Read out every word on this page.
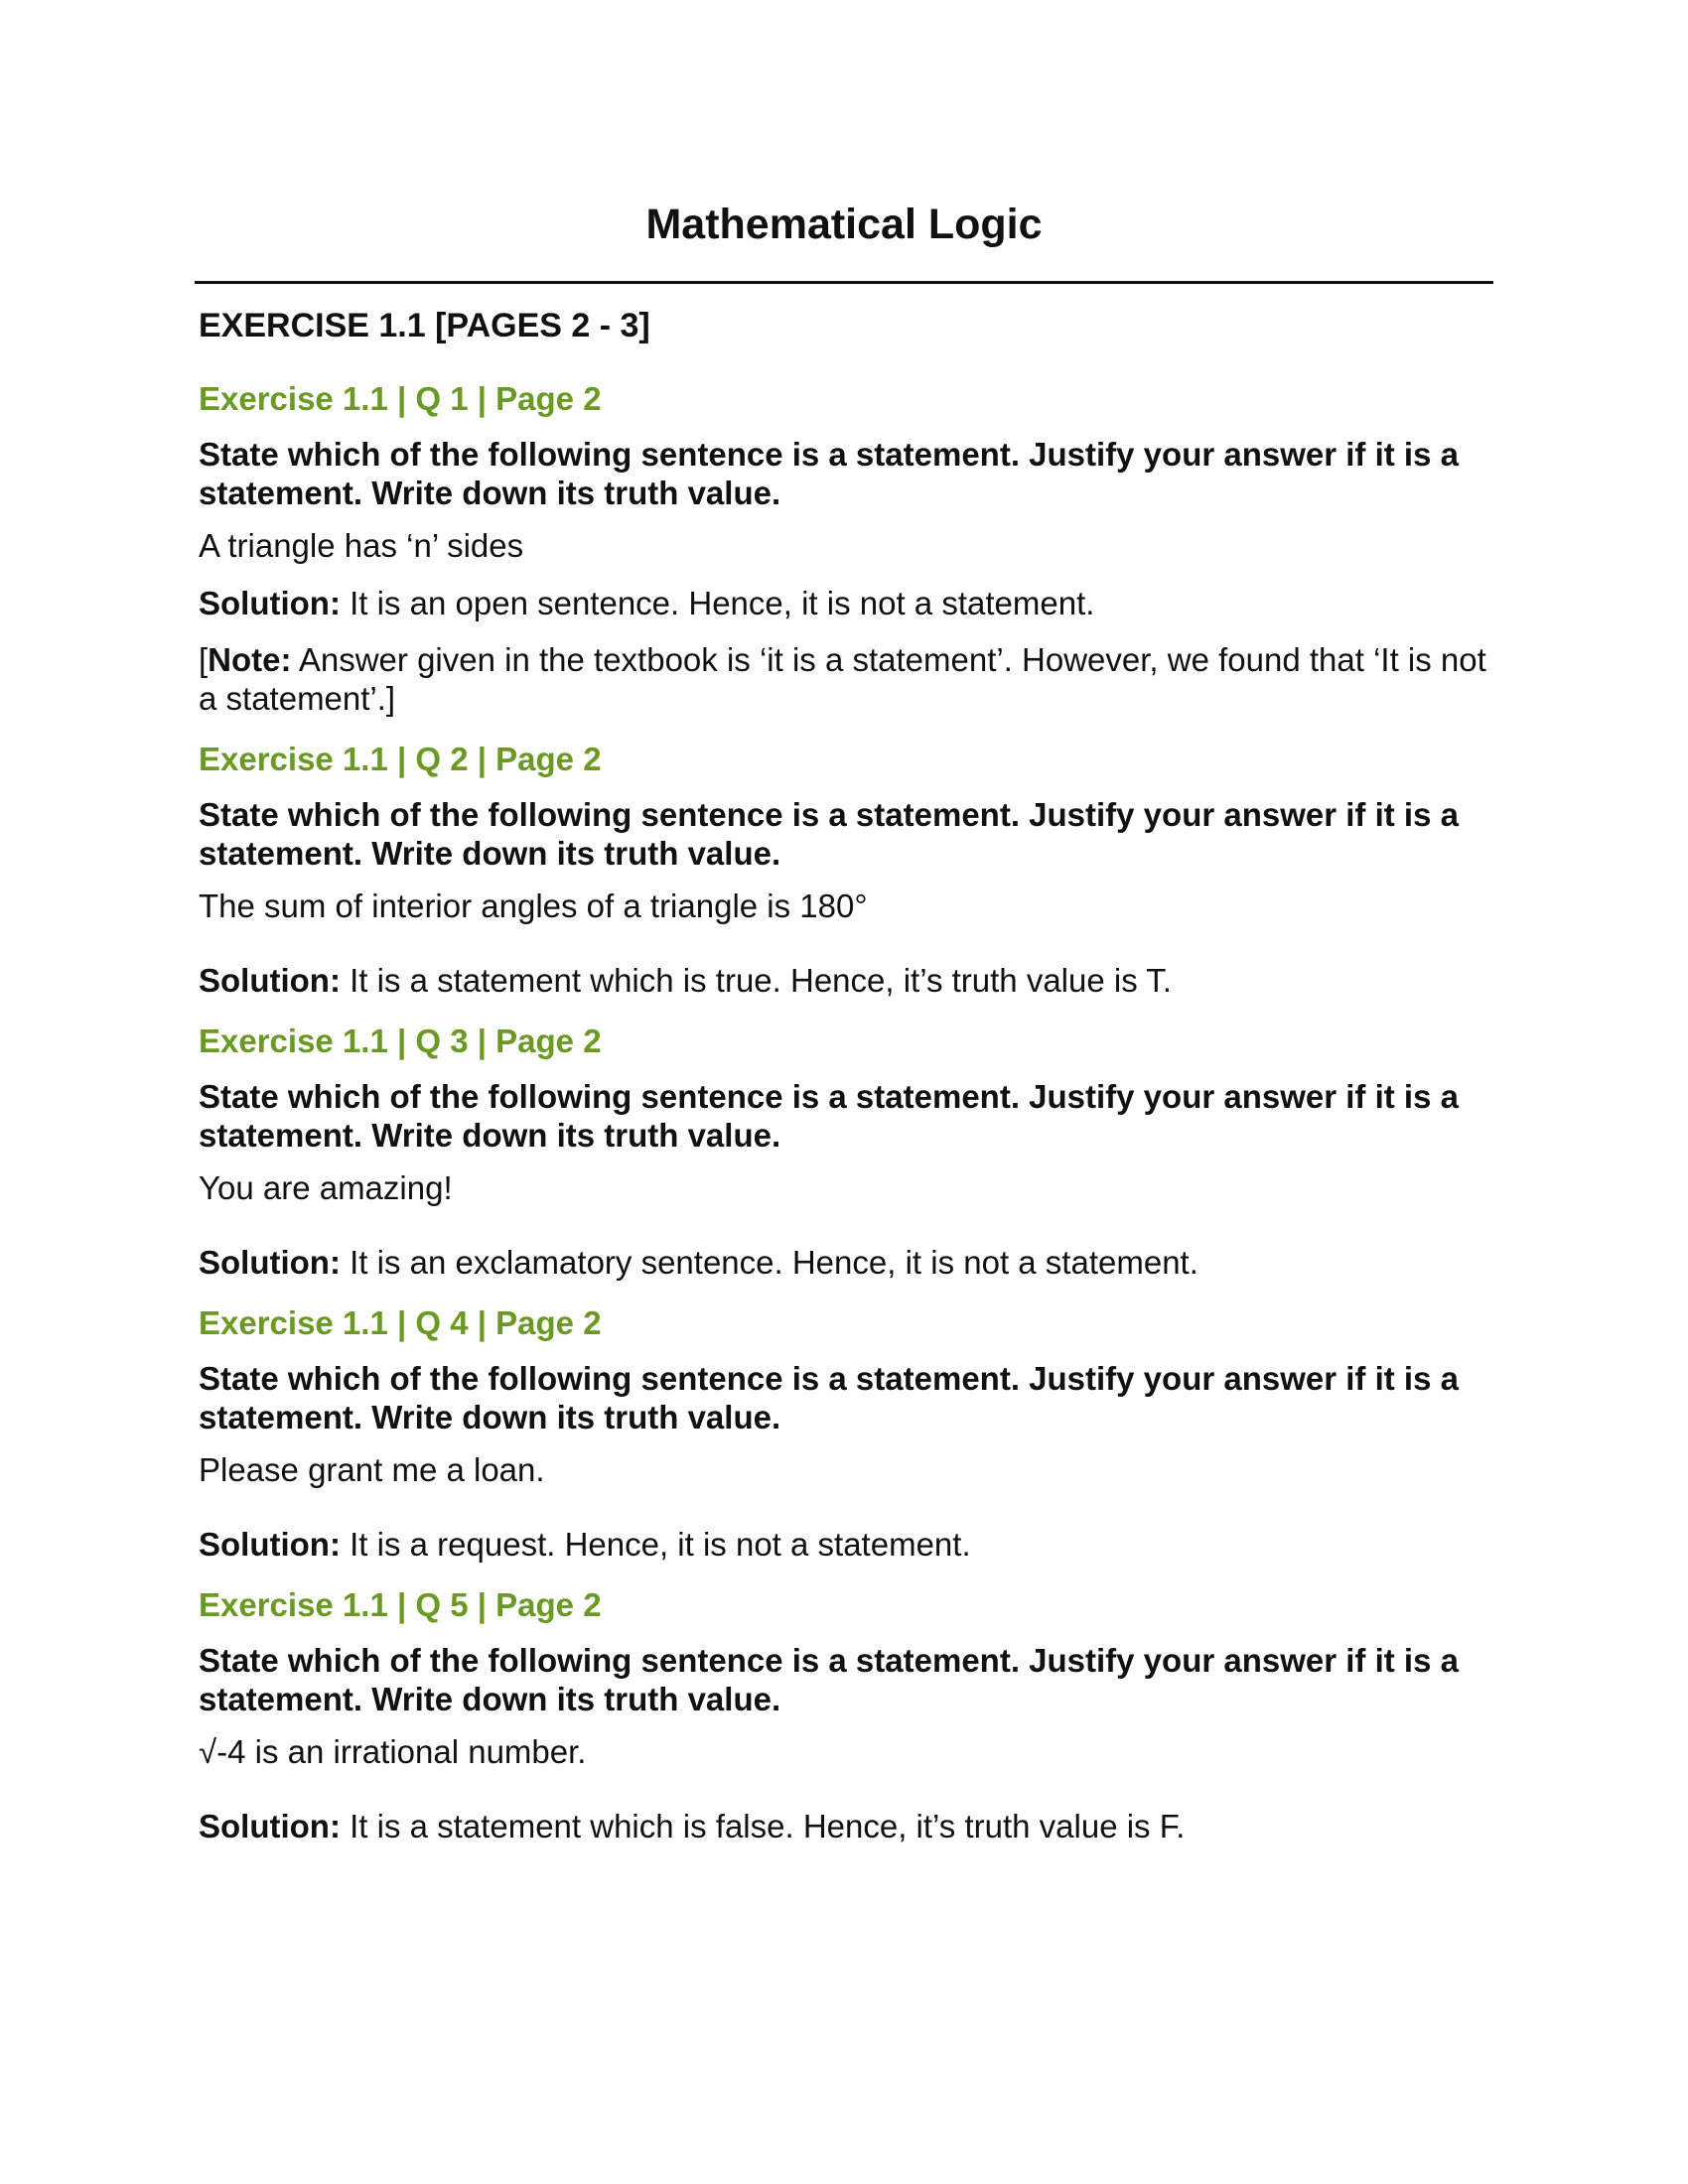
Mathematical Logic
EXERCISE 1.1 [PAGES 2 - 3]
Exercise 1.1 | Q 1 | Page 2
State which of the following sentence is a statement. Justify your answer if it is a statement. Write down its truth value.
A triangle has ‘n’ sides
Solution: It is an open sentence. Hence, it is not a statement.
[Note: Answer given in the textbook is ‘it is a statement’. However, we found that ‘It is not a statement’.]
Exercise 1.1 | Q 2 | Page 2
State which of the following sentence is a statement. Justify your answer if it is a statement. Write down its truth value.
The sum of interior angles of a triangle is 180°
Solution: It is a statement which is true. Hence, it’s truth value is T.
Exercise 1.1 | Q 3 | Page 2
State which of the following sentence is a statement. Justify your answer if it is a statement. Write down its truth value.
You are amazing!
Solution: It is an exclamatory sentence. Hence, it is not a statement.
Exercise 1.1 | Q 4 | Page 2
State which of the following sentence is a statement. Justify your answer if it is a statement. Write down its truth value.
Please grant me a loan.
Solution: It is a request. Hence, it is not a statement.
Exercise 1.1 | Q 5 | Page 2
State which of the following sentence is a statement. Justify your answer if it is a statement. Write down its truth value.
√-4 is an irrational number.
Solution: It is a statement which is false. Hence, it’s truth value is F.
